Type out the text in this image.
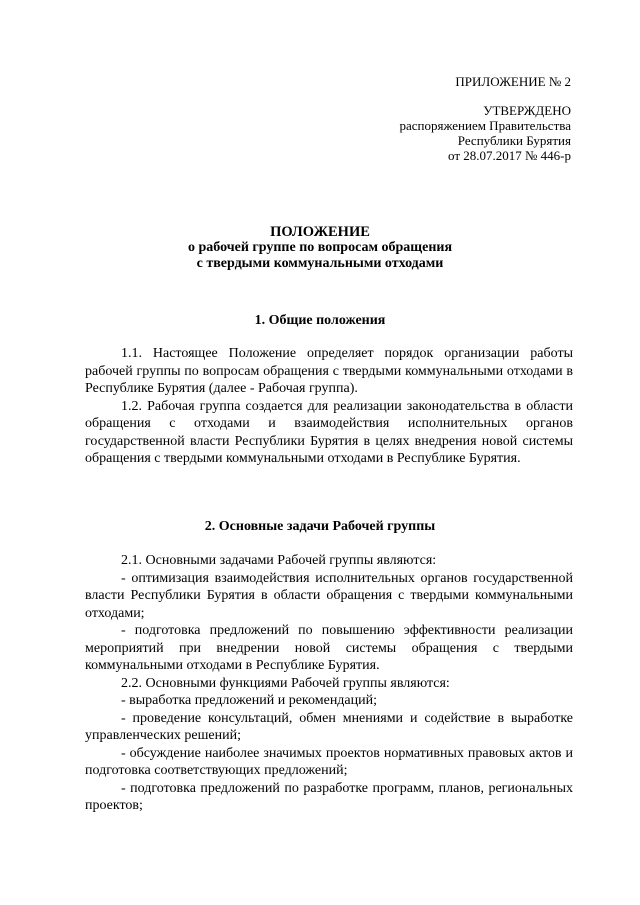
ПРИЛОЖЕНИЕ № 2
УТВЕРЖДЕНО
распоряжением Правительства
Республики Бурятия
от 28.07.2017 № 446-р
ПОЛОЖЕНИЕ
о рабочей группе по вопросам обращения
с твердыми коммунальными отходами
1. Общие положения

1.1. Настоящее Положение определяет порядок организации работы рабочей группы по вопросам обращения с твердыми коммунальными отходами в Республике Бурятия (далее - Рабочая группа).

1.2. Рабочая группа создается для реализации законодательства в области обращения с отходами и взаимодействия исполнительных органов государственной власти Республики Бурятия в целях внедрения новой системы обращения с твердыми коммунальными отходами в Республике Бурятия.

2. Основные задачи Рабочей группы

2.1. Основными задачами Рабочей группы являются:

- оптимизация взаимодействия исполнительных органов государственной власти Республики Бурятия в области обращения с твердыми коммунальными отходами;

- подготовка предложений по повышению эффективности реализации мероприятий при внедрении новой системы обращения с твердыми коммунальными отходами в Республике Бурятия.

2.2. Основными функциями Рабочей группы являются:

- выработка предложений и рекомендаций;

- проведение консультаций, обмен мнениями и содействие в выработке управленческих решений;

- обсуждение наиболее значимых проектов нормативных правовых актов и подготовка соответствующих предложений;

- подготовка предложений по разработке программ, планов, региональных проектов;
